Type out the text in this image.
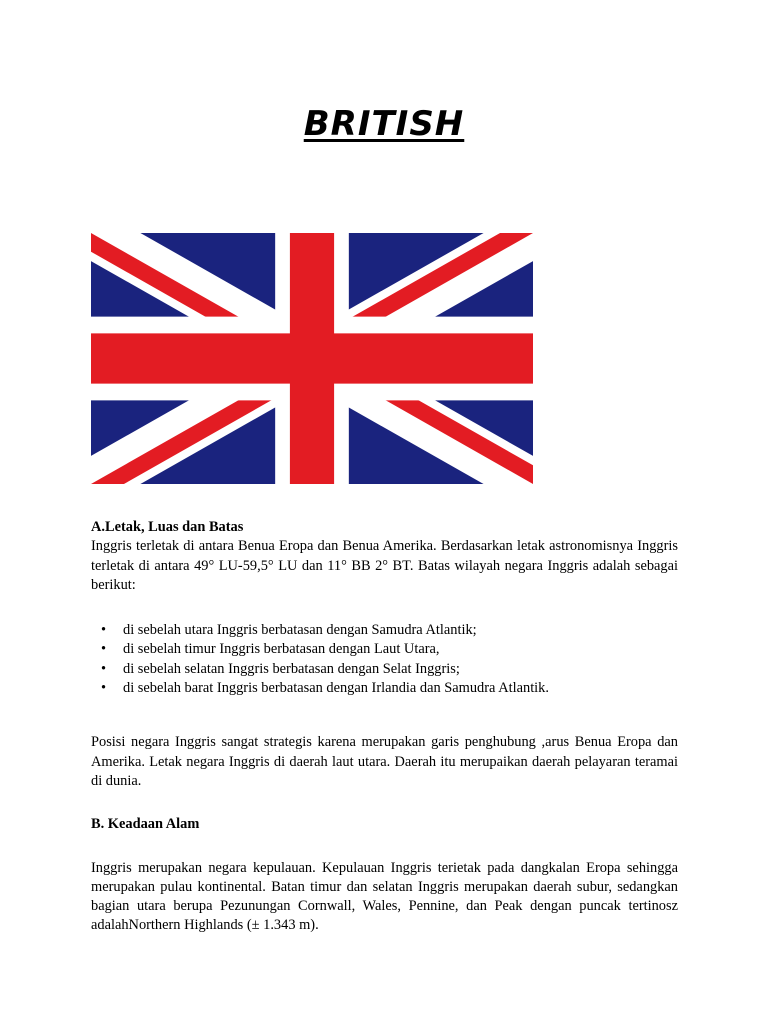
BRITISH

A.Letak, Luas dan Batas

Inggris terletak di antara Benua Eropa dan Benua Amerika. Berdasarkan letak astronomisnya Inggris terletak di antara 49° LU-59,5° LU dan 11° BB 2° BT. Batas wilayah negara Inggris adalah sebagai berikut:

• di sebelah utara Inggris berbatasan dengan Samudra Atlantik;
• di sebelah timur Inggris berbatasan dengan Laut Utara,
• di sebelah selatan Inggris berbatasan dengan Selat Inggris;
• di sebelah barat Inggris berbatasan dengan Irlandia dan Samudra Atlantik.

Posisi negara Inggris sangat strategis karena merupakan garis penghubung ,arus Benua Eropa dan Amerika. Letak negara Inggris di daerah laut utara. Daerah itu merupaikan daerah pelayaran teramai di dunia.

B. Keadaan Alam

Inggris merupakan negara kepulauan. Kepulauan Inggris terietak pada dangkalan Eropa sehingga merupakan pulau kontinental. Batan timur dan selatan Inggris merupakan daerah subur, sedangkan bagian utara berupa Pezunungan Cornwall, Wales, Pennine, dan Peak dengan puncak tertinosz adalahNorthern Highlands (± 1.343 m).
